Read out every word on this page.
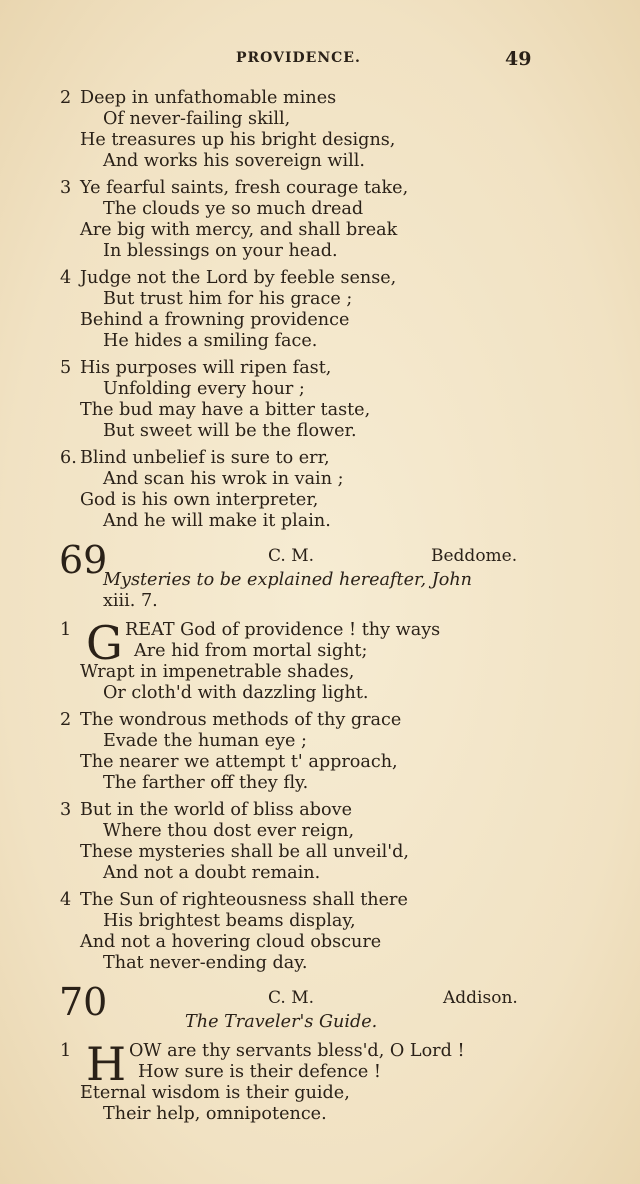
PROVIDENCE.	49
2 Deep in unfathomable mines
Of never-failing skill,
He treasures up his bright designs,
And works his sovereign will.
3 Ye fearful saints, fresh courage take,
The clouds ye so much dread
Are big with mercy, and shall break
In blessings on your head.
4 Judge not the Lord by feeble sense,
But trust him for his grace ;
Behind a frowning providence
He hides a smiling face.
5 His purposes will ripen fast,
Unfolding every hour ;
The bud may have a bitter taste,
But sweet will be the flower.
6. Blind unbelief is sure to err,
And scan his wrok in vain ;
God is his own interpreter,
And he will make it plain.
69	C. M.	Beddome.
Mysteries to be explained hereafter, John
xiii. 7.
1 G REAT God of providence ! thy ways
Are hid from mortal sight;
Wrapt in impenetrable shades,
Or cloth'd with dazzling light.
2 The wondrous methods of thy grace
Evade the human eye ;
The nearer we attempt t' approach,
The farther off they fly.
3 But in the world of bliss above
Where thou dost ever reign,
These mysteries shall be all unveil'd,
And not a doubt remain.
4 The Sun of righteousness shall there
His brightest beams display,
And not a hovering cloud obscure
That never-ending day.
70	C. M.	Addison.
The Traveler's Guide.
1 H OW are thy servants bless'd, O Lord !
How sure is their defence !
Eternal wisdom is their guide,
Their help, omnipotence.
